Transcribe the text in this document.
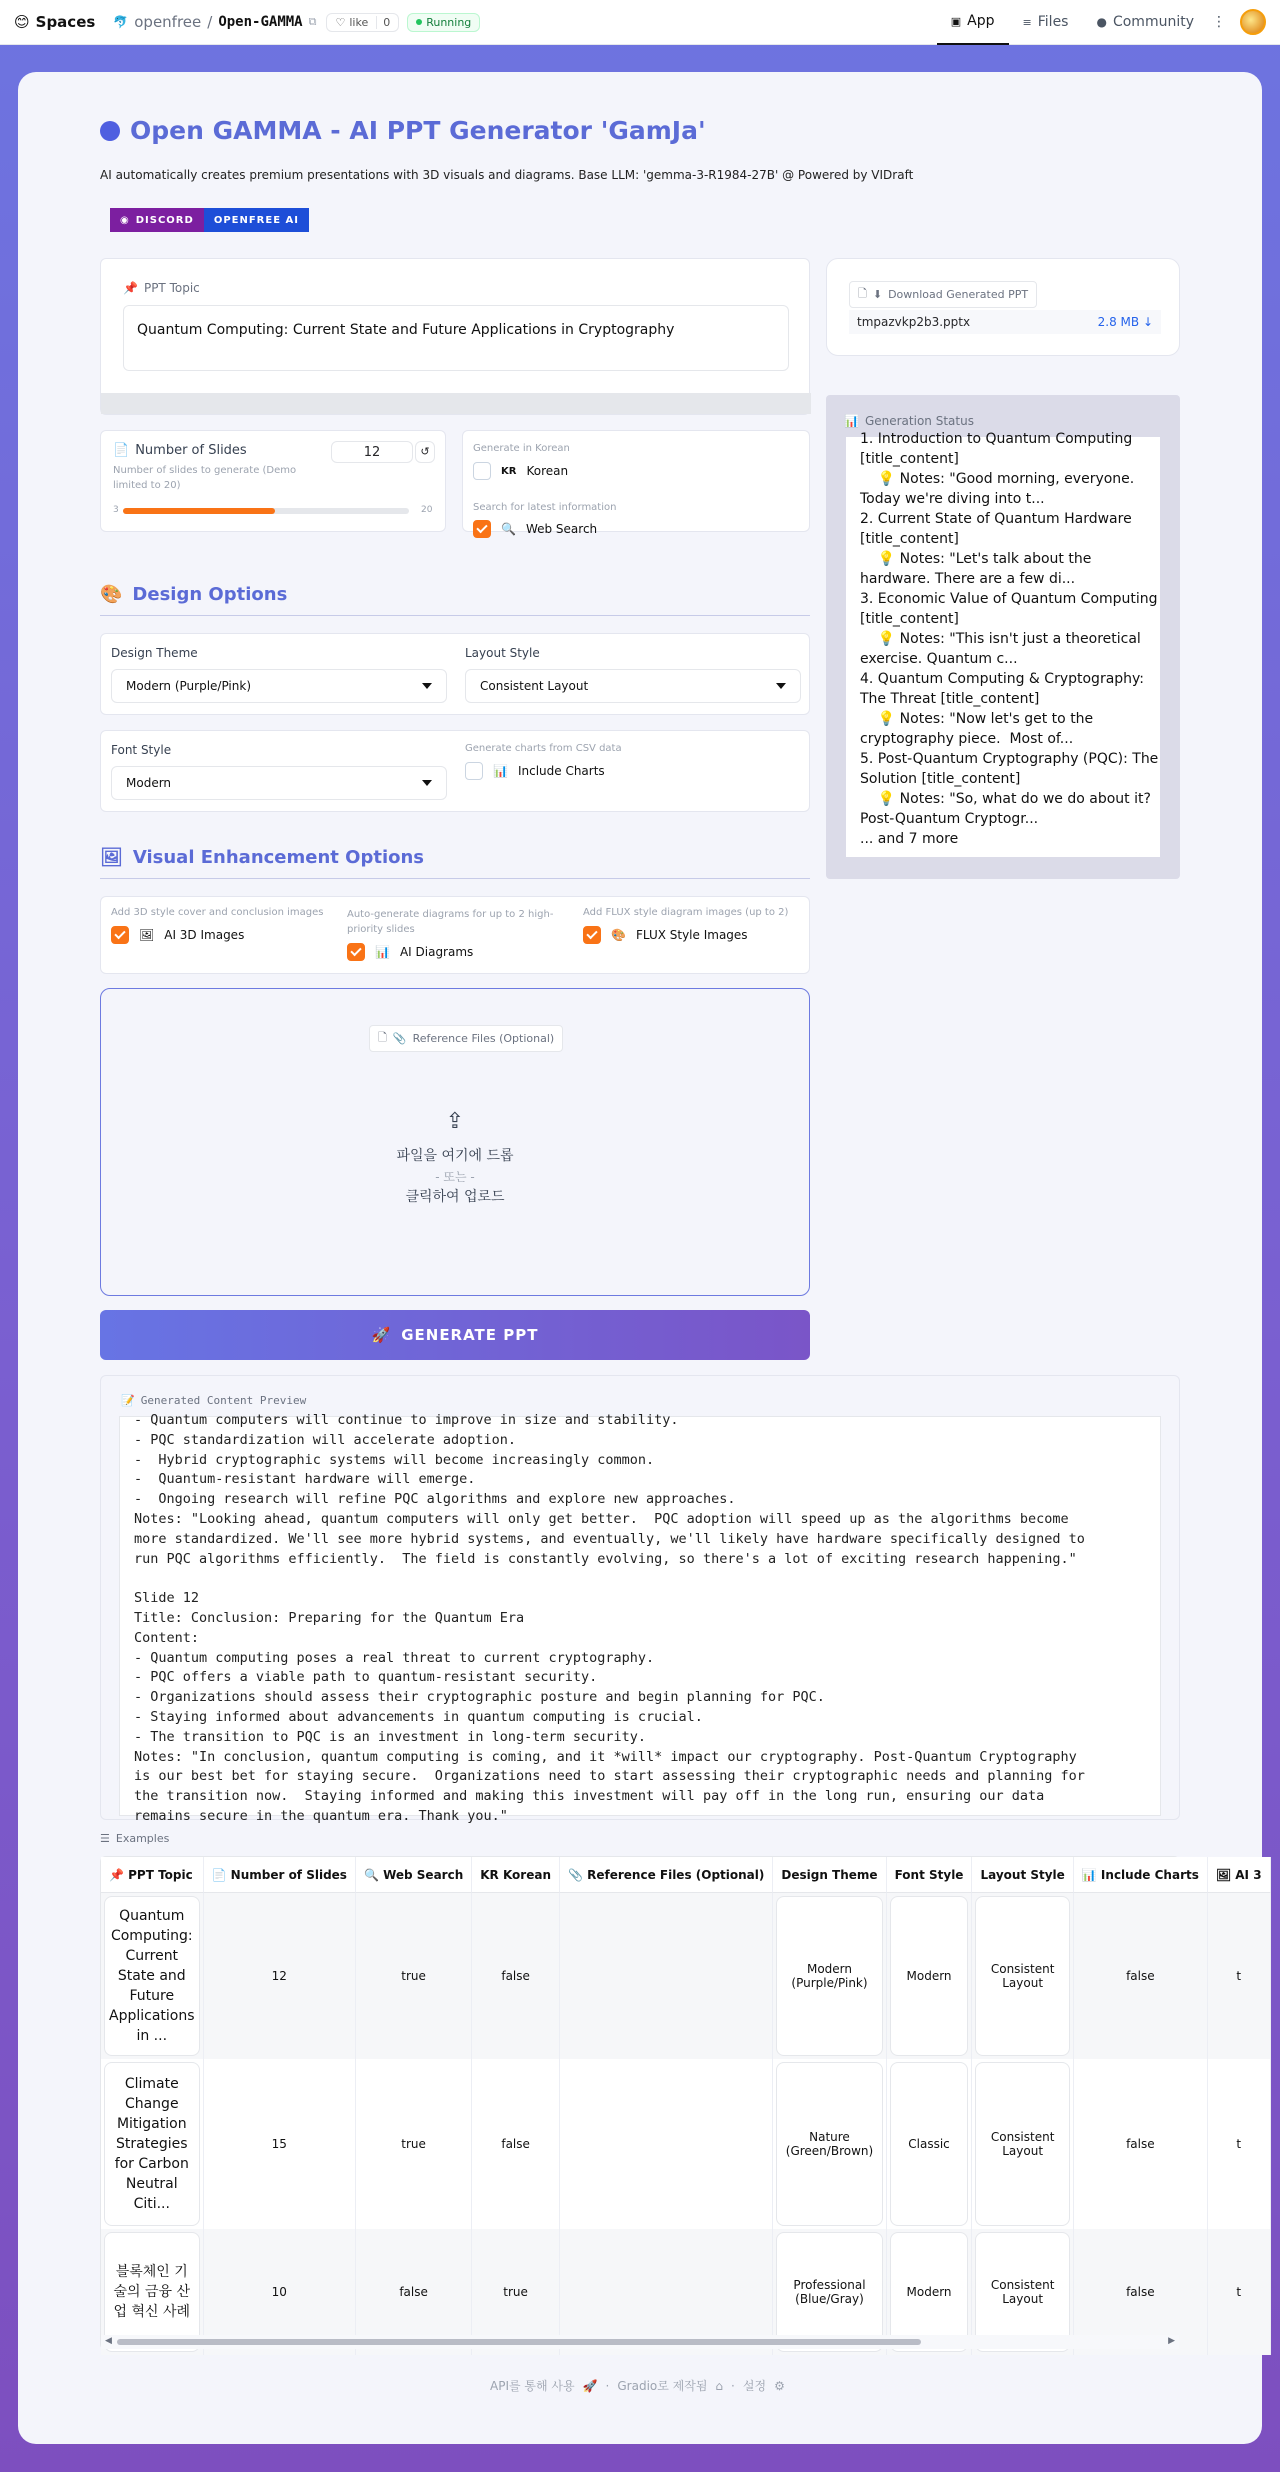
😊 Spaces 🐬 openfree / Open-GAMMA ⧉ ♡ like	0	Running	▣ App	≡ Files ● Community ⋮
Open GAMMA - AI PPT Generator 'GamJa'
AI automatically creates premium presentations with 3D visuals and diagrams. Base LLM: 'gemma-3-R1984-27B' @ Powered by VIDraft
◉ DISCORD OPENFREE AI
📌 PPT Topic
Quantum Computing: Current State and Future Applications in Cryptography
🗋 ⬇ Download Generated PPT
tmpazvkp2b3.pptx	2.8 MB ↓
📄 Number of Slides
Number of slides to generate (Demo limited to 20)
12	↺
3	20
Generate in Korean
KR Korean
Search for latest information
🔍 Web Search
📊 Generation Status
1. Introduction to Quantum Computing
[title_content]
💡 Notes: "Good morning, everyone.
Today we're diving into t...
2. Current State of Quantum Hardware
[title_content]
💡 Notes: "Let's talk about the
hardware. There are a few di...
3. Economic Value of Quantum Computing
[title_content]
💡 Notes: "This isn't just a theoretical
exercise. Quantum c...
4. Quantum Computing & Cryptography:
The Threat [title_content]
💡 Notes: "Now let's get to the
cryptography piece.  Most of...
5. Post-Quantum Cryptography (PQC): The
Solution [title_content]
💡 Notes: "So, what do we do about it?
Post-Quantum Cryptogr...
... and 7 more
🎨 Design Options
Design Theme
Modern (Purple/Pink)
Layout Style
Consistent Layout
Font Style
Modern
Generate charts from CSV data
📊 Include Charts
🖼 Visual Enhancement Options
Add 3D style cover and conclusion images
🖼 AI 3D Images
Auto-generate diagrams for up to 2 high-priority slides
📊 AI Diagrams
Add FLUX style diagram images (up to 2)
🎨 FLUX Style Images
🗋 📎 Reference Files (Optional)
⇪
파일을 여기에 드롭
- 또는 -
클릭하여 업로드
🚀 GENERATE PPT
📝 Generated Content Preview
- Quantum computers will continue to improve in size and stability.
- PQC standardization will accelerate adoption.
-  Hybrid cryptographic systems will become increasingly common.
-  Quantum-resistant hardware will emerge.
-  Ongoing research will refine PQC algorithms and explore new approaches.
Notes: "Looking ahead, quantum computers will only get better.  PQC adoption will speed up as the algorithms become
more standardized. We'll see more hybrid systems, and eventually, we'll likely have hardware specifically designed to
run PQC algorithms efficiently.  The field is constantly evolving, so there's a lot of exciting research happening."
Slide 12
Title: Conclusion: Preparing for the Quantum Era
Content:
- Quantum computing poses a real threat to current cryptography.
- PQC offers a viable path to quantum-resistant security.
- Organizations should assess their cryptographic posture and begin planning for PQC.
- Staying informed about advancements in quantum computing is crucial.
- The transition to PQC is an investment in long-term security.
Notes: "In conclusion, quantum computing is coming, and it *will* impact our cryptography. Post-Quantum Cryptography
is our best bet for staying secure.  Organizations need to start assessing their cryptographic needs and planning for
the transition now.  Staying informed and making this investment will pay off in the long run, ensuring our data
remains secure in the quantum era. Thank you."
☰ Examples
📌 PPT Topic	📄 Number of Slides	🔍 Web Search	KR Korean	📎 Reference Files (Optional)	Design Theme	Font Style	Layout Style	📊 Include Charts	🖼 AI 3

Quantum Computing: Current State and Future Applications in ...	12	true	false		Modern (Purple/Pink)	Modern	Consistent Layout	false	t

Climate Change Mitigation Strategies for Carbon Neutral Citi...	15	true	false		Nature (Green/Brown)	Classic	Consistent Layout	false	t

블록체인 기술의 금융 산업 혁신 사례	10	false	true		Professional (Blue/Gray)	Modern	Consistent Layout	false	t
◀	▶
API를 통해 사용 🚀 · Gradio로 제작됨 ⌂ · 설정 ⚙
